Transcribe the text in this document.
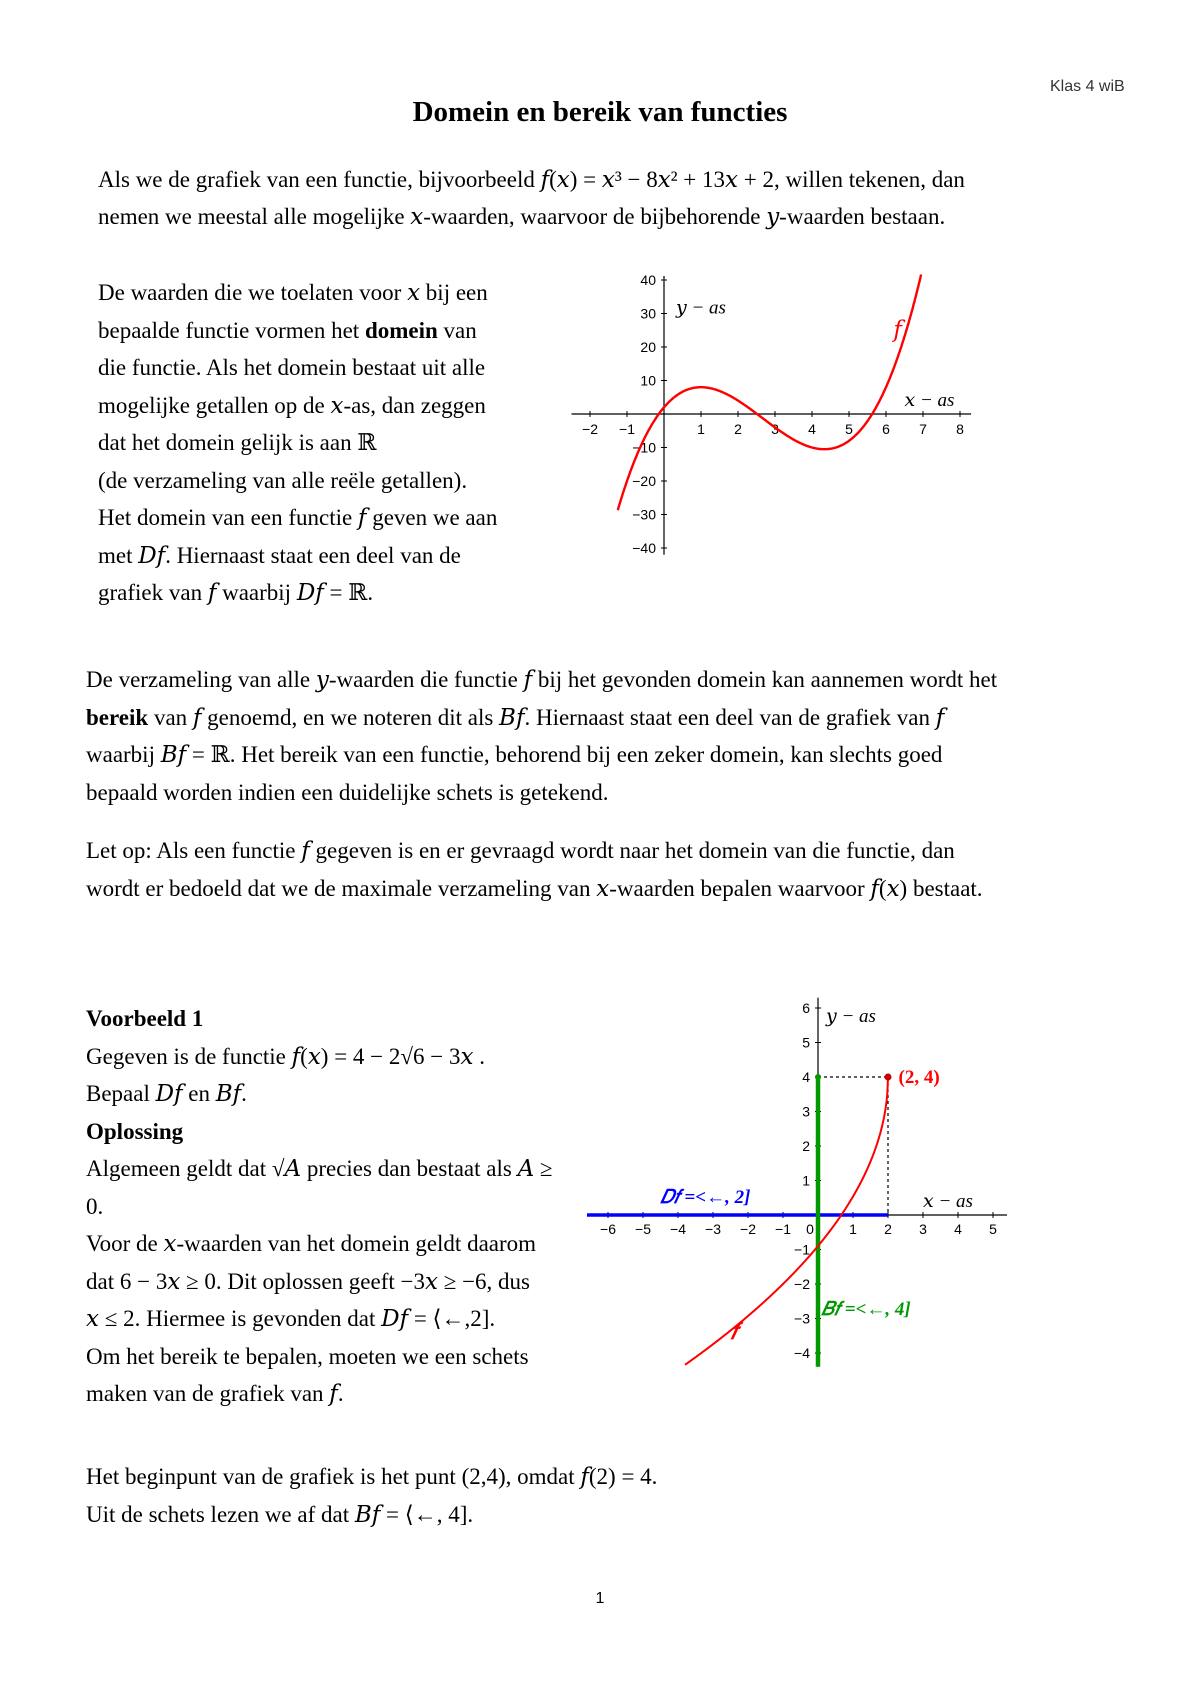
Klas 4 wiB
Domein en bereik van functies
Als we de grafiek van een functie, bijvoorbeeld 𝑓(𝑥) = 𝑥³ − 8𝑥² + 13𝑥 + 2, willen tekenen, dan
nemen we meestal alle mogelijke 𝑥-waarden, waarvoor de bijbehorende 𝑦-waarden bestaan.
De waarden die we toelaten voor 𝑥 bij een
bepaalde functie vormen het domein van
die functie. Als het domein bestaat uit alle
mogelijke getallen op de 𝑥-as, dan zeggen
dat het domein gelijk is aan ℝ
(de verzameling van alle reële getallen).
Het domein van een functie 𝑓 geven we aan
met 𝐷𝑓. Hiernaast staat een deel van de
grafiek van 𝑓 waarbij 𝐷𝑓 = ℝ.
−2 −1	1 2 3 4 5 6 7 8
40
30
20
10
−10
−20
−30
−40
𝑦 − as
𝑥 − as
𝑓
De verzameling van alle 𝑦-waarden die functie 𝑓 bij het gevonden domein kan aannemen wordt het
bereik van 𝑓 genoemd, en we noteren dit als 𝐵𝑓. Hiernaast staat een deel van de grafiek van 𝑓
waarbij 𝐵𝑓 = ℝ. Het bereik van een functie, behorend bij een zeker domein, kan slechts goed
bepaald worden indien een duidelijke schets is getekend.
Let op: Als een functie 𝑓 gegeven is en er gevraagd wordt naar het domein van die functie, dan
wordt er bedoeld dat we de maximale verzameling van 𝑥-waarden bepalen waarvoor 𝑓(𝑥) bestaat.
Voorbeeld 1
Gegeven is de functie 𝑓(𝑥) = 4 − 2√6 − 3𝑥 .
Bepaal 𝐷𝑓 en 𝐵𝑓.
Oplossing
Algemeen geldt dat √𝐴 precies dan bestaat als 𝐴 ≥
0.
Voor de 𝑥-waarden van het domein geldt daarom
dat 6 − 3𝑥 ≥ 0. Dit oplossen geeft −3𝑥 ≥ −6, dus
𝑥 ≤ 2. Hiermee is gevonden dat 𝐷𝑓 = ⟨←,2].
Om het bereik te bepalen, moeten we een schets
maken van de grafiek van 𝑓.
−6 −5 −4 −3 −2 −1 0	1 2 3 4 5
6
5
4
3
2
1
−1
−2
−3
−4
𝑦 − as
𝑥 − as
(2, 4)
𝐷𝑓 =<←, 2]
𝐵𝑓 =<←, 4]
𝑓
Het beginpunt van de grafiek is het punt (2,4), omdat 𝑓(2) = 4.
Uit de schets lezen we af dat 𝐵𝑓 = ⟨←, 4].
1
